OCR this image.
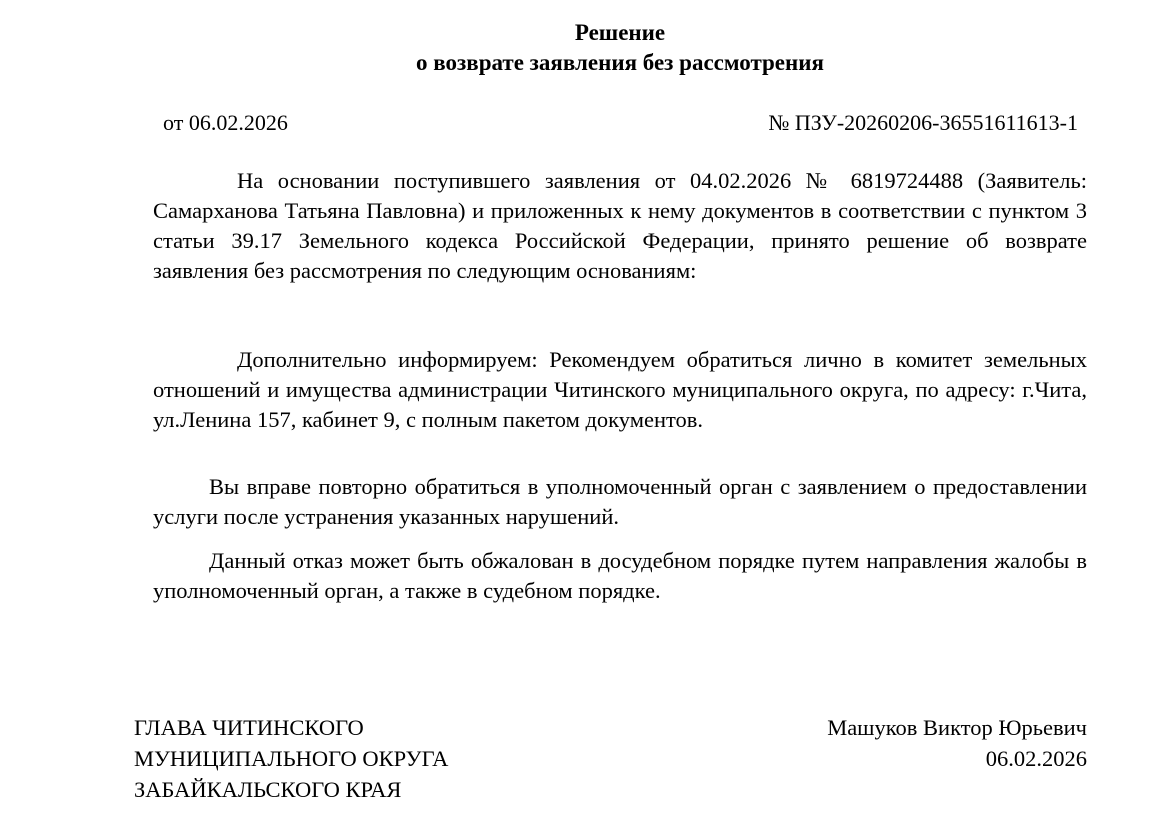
Решение
о возврате заявления без рассмотрения
от 06.02.2026	№ ПЗУ-20260206-36551611613-1
На основании поступившего заявления от 04.02.2026 № 6819724488 (Заявитель: Самарханова Татьяна Павловна) и приложенных к нему документов в соответствии с пунктом 3 статьи 39.17 Земельного кодекса Российской Федерации, принято решение об возврате заявления без рассмотрения по следующим основаниям:
Дополнительно информируем: Рекомендуем обратиться лично в комитет земельных отношений и имущества администрации Читинского муниципального округа, по адресу: г.Чита, ул.Ленина 157, кабинет 9, с полным пакетом документов.
Вы вправе повторно обратиться в уполномоченный орган с заявлением о предоставлении услуги после устранения указанных нарушений.
Данный отказ может быть обжалован в досудебном порядке путем направления жалобы в уполномоченный орган, а также в судебном порядке.
ГЛАВА ЧИТИНСКОГО
МУНИЦИПАЛЬНОГО ОКРУГА
ЗАБАЙКАЛЬСКОГО КРАЯ
Машуков Виктор Юрьевич
06.02.2026
